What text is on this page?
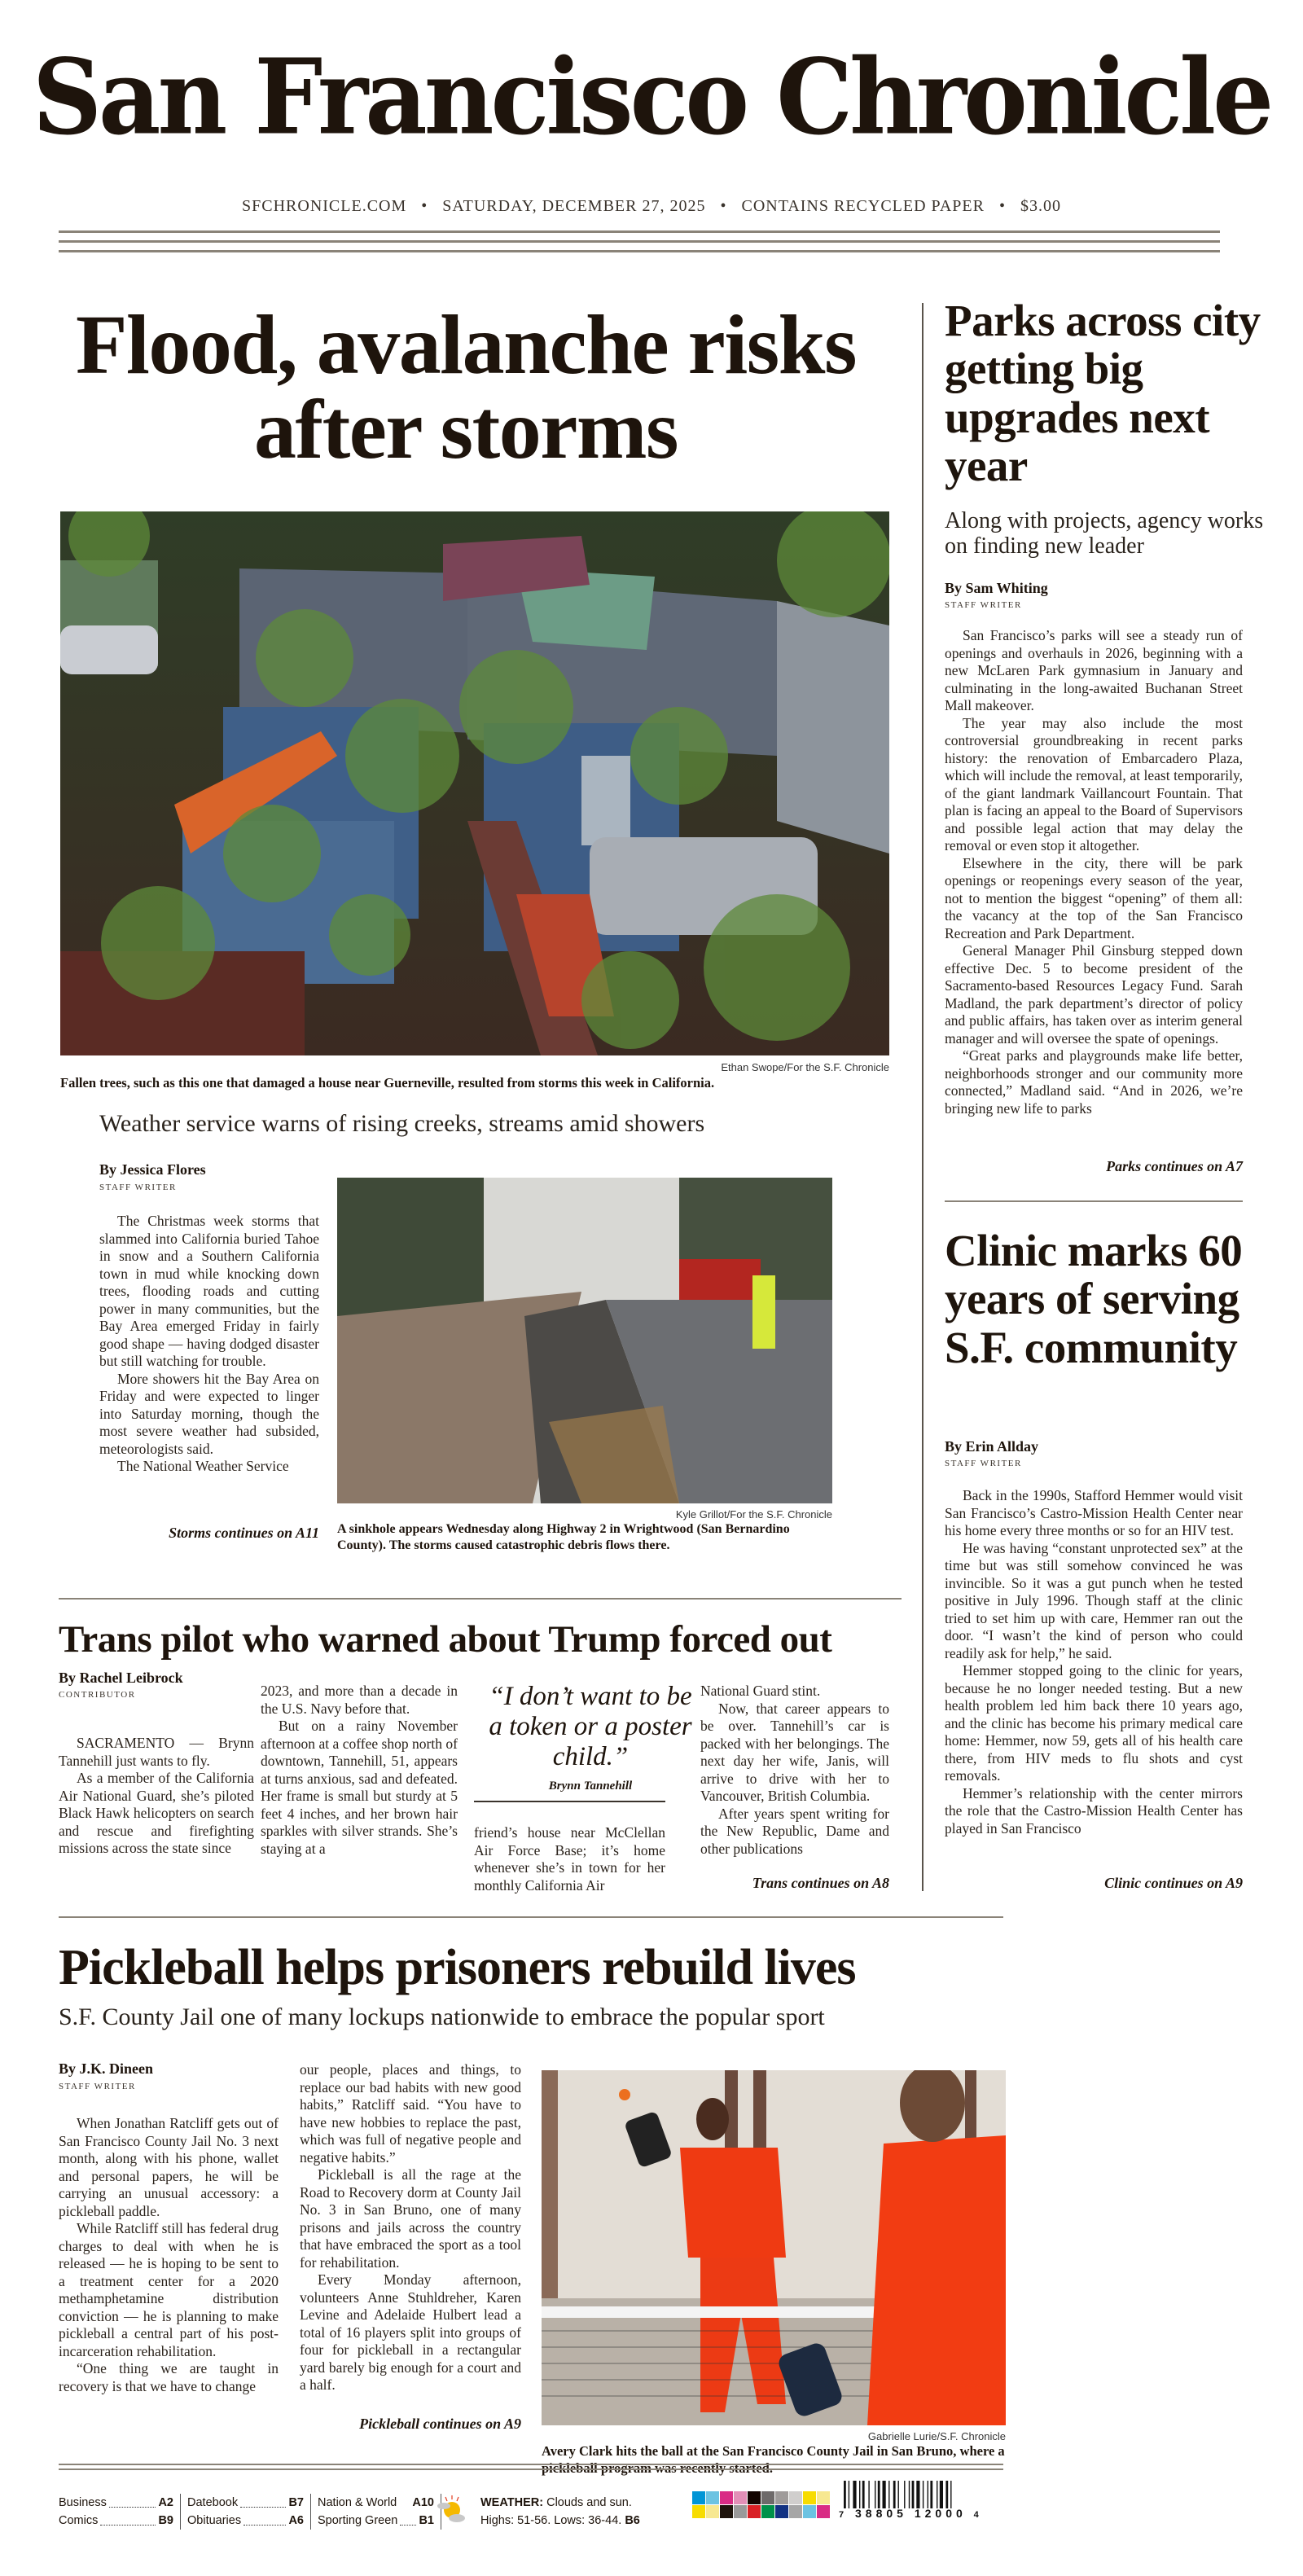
San Francisco Chronicle
SFCHRONICLE.COM • SATURDAY, DECEMBER 27, 2025 • CONTAINS RECYCLED PAPER • $3.00
Flood, avalanche risks after storms
Ethan Swope/For the S.F. Chronicle
Fallen trees, such as this one that damaged a house near Guerneville, resulted from storms this week in California.
Weather service warns of rising creeks, streams amid showers
By Jessica Flores
STAFF WRITER

The Christmas week storms that slammed into California buried Tahoe in snow and a Southern California town in mud while knocking down trees, flooding roads and cutting power in many communities, but the Bay Area emerged Friday in fairly good shape — having dodged disaster but still watching for trouble.

More showers hit the Bay Area on Friday and were expected to linger into Saturday morning, though the most severe weather had subsided, meteorologists said.

The National Weather Service

Storms continues on A11
Kyle Grillot/For the S.F. Chronicle
A sinkhole appears Wednesday along Highway 2 in Wrightwood (San Bernardino County). The storms caused catastrophic debris flows there.
Parks across city getting big upgrades next year
Along with projects, agency works on finding new leader
By Sam Whiting
STAFF WRITER

San Francisco’s parks will see a steady run of openings and overhauls in 2026, beginning with a new McLaren Park gymnasium in January and culminating in the long-awaited Buchanan Street Mall makeover.

The year may also include the most controversial groundbreaking in recent parks history: the renovation of Embarcadero Plaza, which will include the removal, at least temporarily, of the giant landmark Vaillancourt Fountain. That plan is facing an appeal to the Board of Supervisors and possible legal action that may delay the removal or even stop it altogether.

Elsewhere in the city, there will be park openings or reopenings every season of the year, not to mention the biggest “opening” of them all: the vacancy at the top of the San Francisco Recreation and Park Department.

General Manager Phil Ginsburg stepped down effective Dec. 5 to become president of the Sacramento-based Resources Legacy Fund. Sarah Madland, the park department’s director of policy and public affairs, has taken over as interim general manager and will oversee the spate of openings.

“Great parks and playgrounds make life better, neighborhoods stronger and our community more connected,” Madland said. “And in 2026, we’re bringing new life to parks

Parks continues on A7
Clinic marks 60 years of serving S.F. community
By Erin Allday
STAFF WRITER

Back in the 1990s, Stafford Hemmer would visit San Francisco’s Castro-Mission Health Center near his home every three months or so for an HIV test.

He was having “constant unprotected sex” at the time but was still somehow convinced he was invincible. So it was a gut punch when he tested positive in July 1996. Though staff at the clinic tried to set him up with care, Hemmer ran out the door. “I wasn’t the kind of person who could readily ask for help,” he said.

Hemmer stopped going to the clinic for years, because he no longer needed testing. But a new health problem led him back there 10 years ago, and the clinic has become his primary medical care home: Hemmer, now 59, gets all of his health care there, from HIV meds to flu shots and cyst removals.

Hemmer’s relationship with the center mirrors the role that the Castro-Mission Health Center has played in San Francisco

Clinic continues on A9
Trans pilot who warned about Trump forced out
By Rachel Leibrock
CONTRIBUTOR

SACRAMENTO — Brynn Tannehill just wants to fly.

As a member of the California Air National Guard, she’s piloted Black Hawk helicopters on search and rescue and firefighting missions across the state since

2023, and more than a decade in the U.S. Navy before that.

But on a rainy November afternoon at a coffee shop north of downtown, Tannehill, 51, appears at turns anxious, sad and defeated. Her frame is small but sturdy at 5 feet 4 inches, and her brown hair sparkles with silver strands. She’s staying at a

“I don’t want to be a token or a poster child.”
Brynn Tannehill

friend’s house near McClellan Air Force Base; it’s home whenever she’s in town for her monthly California Air

National Guard stint.

Now, that career appears to be over. Tannehill’s car is packed with her belongings. The next day her wife, Janis, will arrive to drive with her to Vancouver, British Columbia.

After years spent writing for the New Republic, Dame and other publications

Trans continues on A8
Pickleball helps prisoners rebuild lives
S.F. County Jail one of many lockups nationwide to embrace the popular sport
By J.K. Dineen
STAFF WRITER

When Jonathan Ratcliff gets out of San Francisco County Jail No. 3 next month, along with his phone, wallet and personal papers, he will be carrying an unusual accessory: a pickleball paddle.

While Ratcliff still has federal drug charges to deal with when he is released — he is hoping to be sent to a treatment center for a 2020 methamphetamine distribution conviction — he is planning to make pickleball a central part of his post-incarceration rehabilitation.

“One thing we are taught in recovery is that we have to change

our people, places and things, to replace our bad habits with new good habits,” Ratcliff said. “You have to have new hobbies to replace the past, which was full of negative people and negative habits.”

Pickleball is all the rage at the Road to Recovery dorm at County Jail No. 3 in San Bruno, one of many prisons and jails across the country that have embraced the sport as a tool for rehabilitation.

Every Monday afternoon, volunteers Anne Stuhldreher, Karen Levine and Adelaide Hulbert lead a total of 16 players split into groups of four for pickleball in a rectangular yard barely big enough for a court and a half.

Pickleball continues on A9
Gabrielle Lurie/S.F. Chronicle
Avery Clark hits the ball at the San Francisco County Jail in San Bruno, where a
Business	A2
Comics	B9
Datebook	B7
Obituaries	A6
Nation & World A10
Sporting Green B1
WEATHER: Clouds and sun.
Highs: 51-56. Lows: 36-44. B6	7 38805 12000 4
